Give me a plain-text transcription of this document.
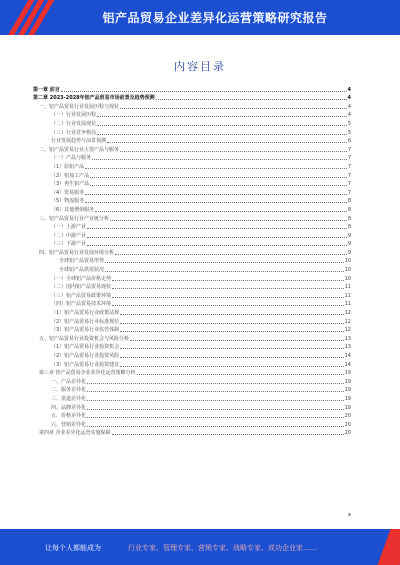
铝产品贸易企业差异化运营策略研究报告
内容目录
第一章 前言	4
第二章 2023-2028年铝产品贸易市场前景及趋势预测	4
一、铝产品贸易行业发展历程与现状	4
（一）行业发展历程	4
（二）行业发展现状	5
（三）行业竞争格局	5
行业发展趋势与前景预测	6
二、铝产品贸易行业主要产品与服务	7
（一）产品与服务	7
（1）原铝产品	7
（2）铝加工产品	7
（3）再生铝产品	7
（4）贸易服务	7
（5）物流服务	8
（6）其他增值服务	8
三、铝产品贸易行业产业链分析	8
（一）上游产业	8
（二）中游产业	9
（三）下游产业	9
四、铝产品贸易行业发展环境分析	9
全球铝产品贸易形势	10
全球铝产品供需状况	10
（一）全球铝产品价格走势	10
（二）国内铝产品贸易现状	11
（三）铝产品贸易政策环境	11
（四）铝产品贸易技术环境	11
（1）铝产品贸易行业政策法规	12
（2）铝产品贸易行业标准规范	12
（3）铝产品贸易行业监管体制	12
五、铝产品贸易行业投资机会与风险分析	13
（1）铝产品贸易行业投资机会	13
（2）铝产品贸易行业投资风险	14
（3）铝产品贸易行业投资建议	14
第三章 铝产品贸易企业差异化运营策略分析	19
一、产品差异化	19
二、服务差异化	19
三、渠道差异化	19
四、品牌差异化	19
五、价格差异化	20
六、营销差异化	20
第四章 企业差异化运营实施保障	20
让每个人都能成为	行业专家、管理专家、营销专家、战略专家、成功企业家……
